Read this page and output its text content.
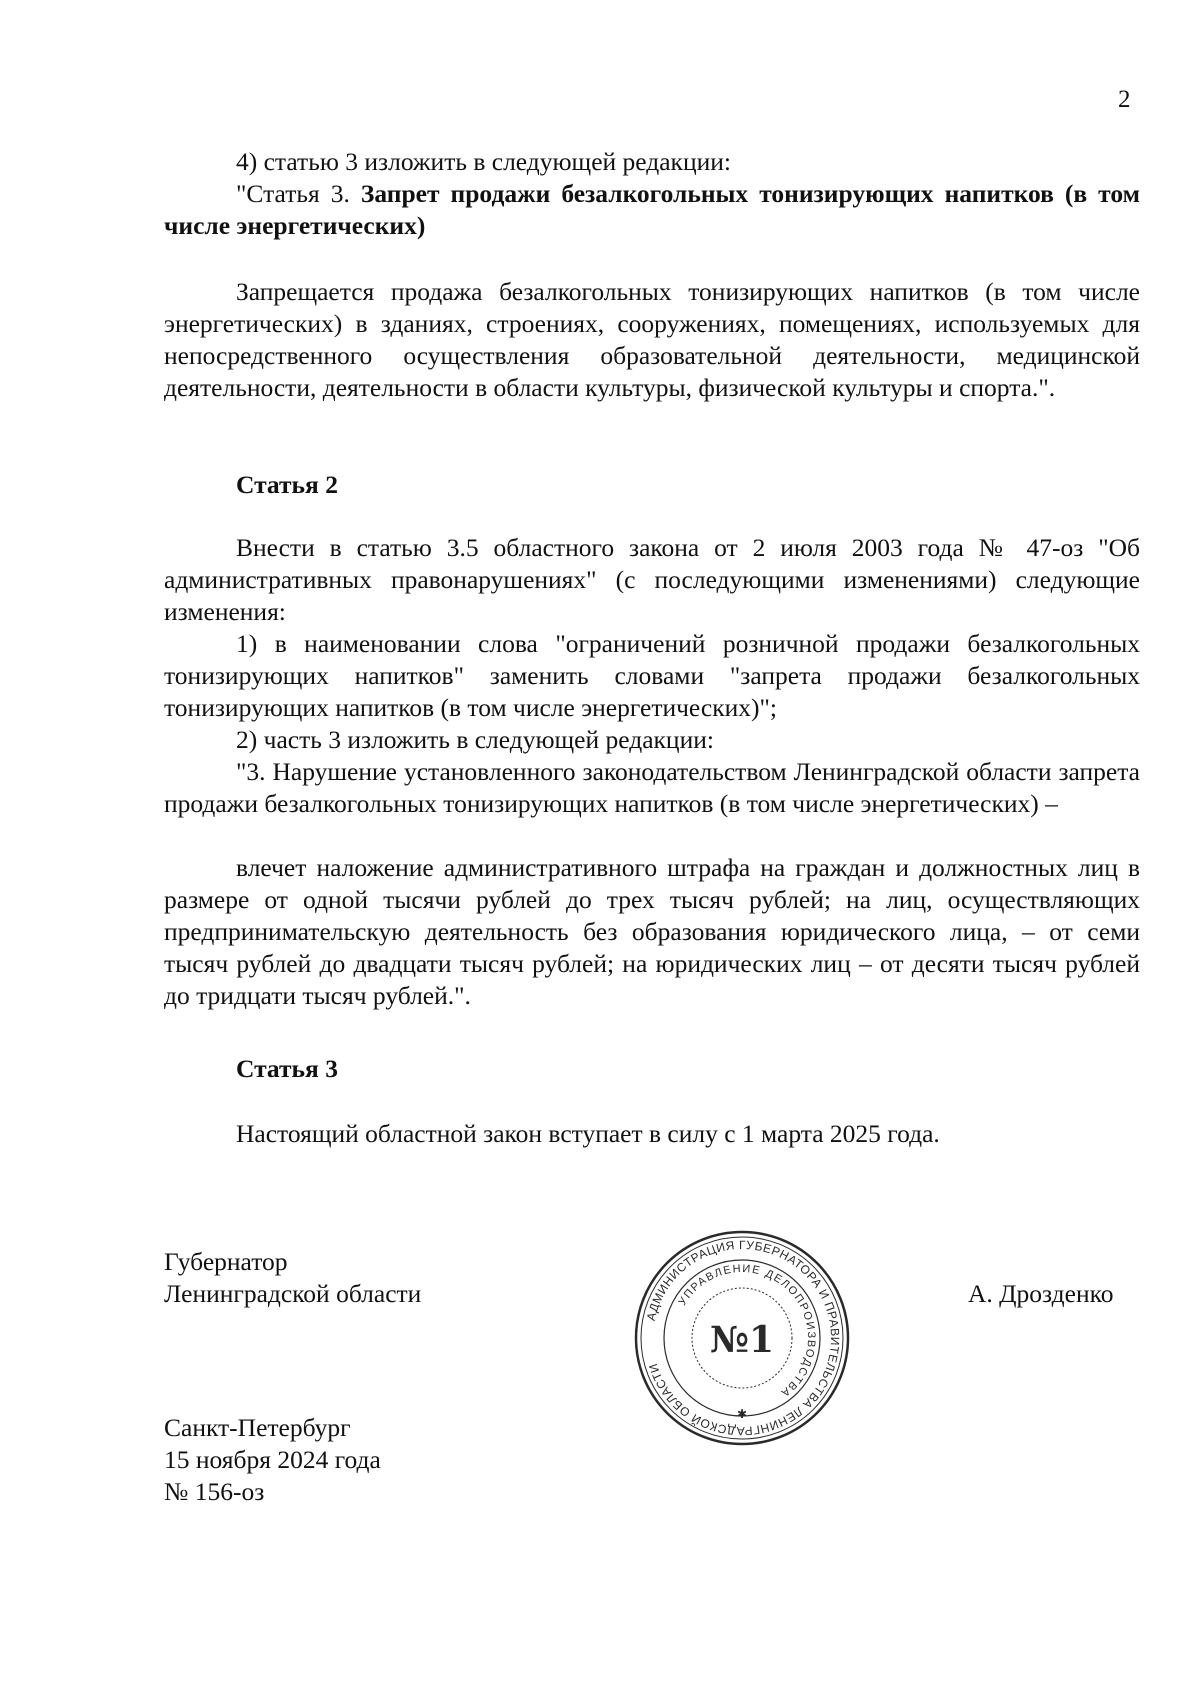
2
4) статью 3 изложить в следующей редакции:
"Статья 3. Запрет продажи безалкогольных тонизирующих напитков (в том числе энергетических)
Запрещается продажа безалкогольных тонизирующих напитков (в том числе энергетических) в зданиях, строениях, сооружениях, помещениях, используемых для непосредственного осуществления образовательной деятельности, медицинской деятельности, деятельности в области культуры, физической культуры и спорта.".
Статья 2
Внести в статью 3.5 областного закона от 2 июля 2003 года № 47-оз "Об административных правонарушениях" (с последующими изменениями) следующие изменения:
1) в наименовании слова "ограничений розничной продажи безалкогольных тонизирующих напитков" заменить словами "запрета продажи безалкогольных тонизирующих напитков (в том числе энергетических)";
2) часть 3 изложить в следующей редакции:
"3. Нарушение установленного законодательством Ленинградской области запрета продажи безалкогольных тонизирующих напитков (в том числе энергетических) –
влечет наложение административного штрафа на граждан и должностных лиц в размере от одной тысячи рублей до трех тысяч рублей; на лиц, осуществляющих предпринимательскую деятельность без образования юридического лица, – от семи тысяч рублей до двадцати тысяч рублей; на юридических лиц – от десяти тысяч рублей до тридцати тысяч рублей.".
Статья 3
Настоящий областной закон вступает в силу с 1 марта 2025 года.
Губернатор
Ленинградской области	А. Дрозденко
Санкт-Петербург
15 ноября 2024 года
№ 156-оз
АДМИНИСТРАЦИЯ ГУБЕРНАТОРА И ПРАВИТЕЛЬСТВА ЛЕНИНГРАДСКОЙ ОБЛАСТИ
УПРАВЛЕНИЕ ДЕЛОПРОИЗВОДСТВА
№1
✱
